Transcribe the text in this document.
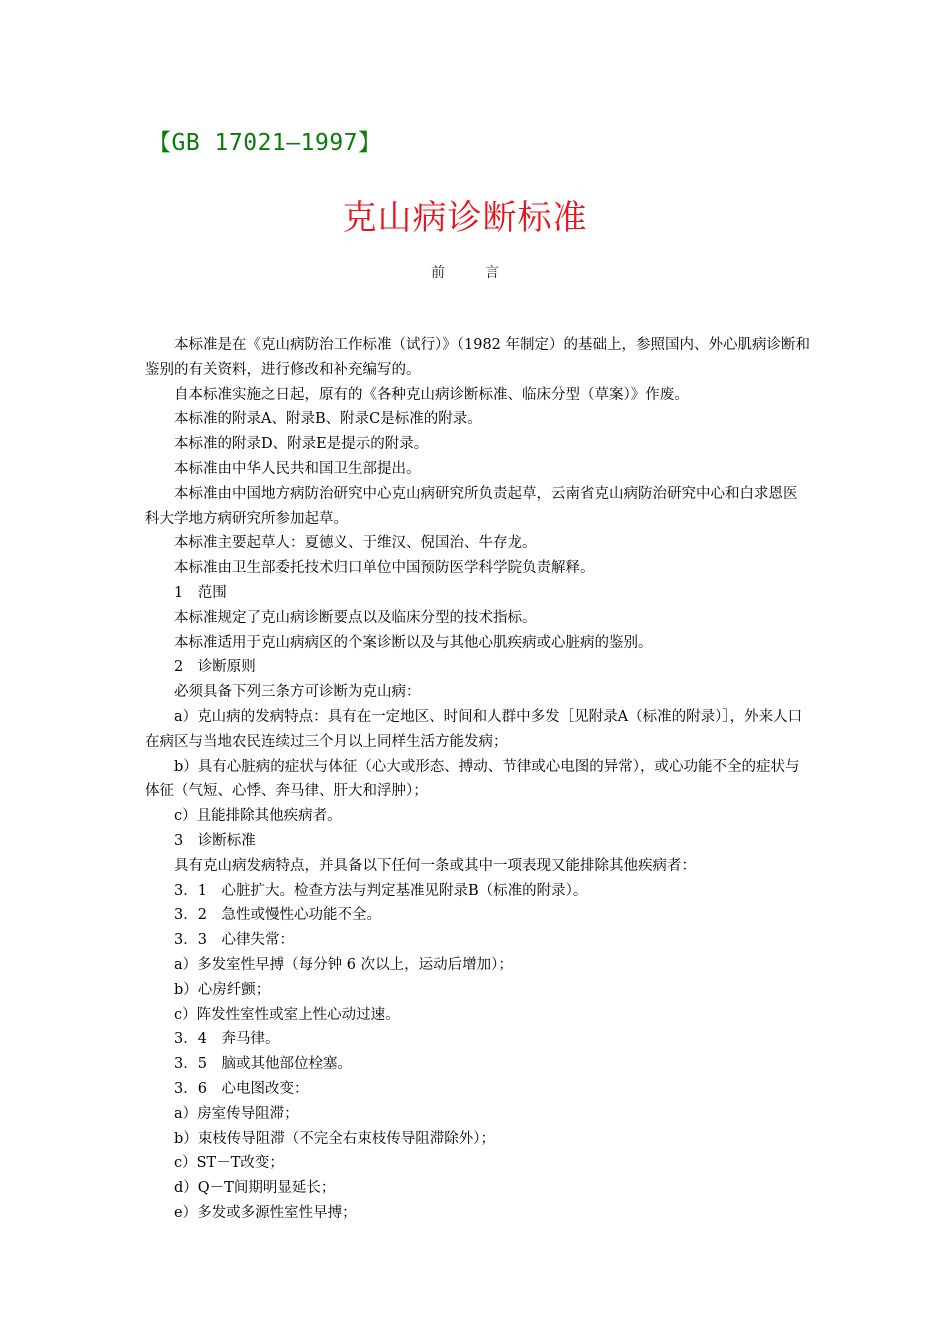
【GB 17021—1997】
克山病诊断标准
前	言

本标准是在《克山病防治工作标准（试行）》（1982 年制定）的基础上，参照国内、外心肌病诊断和鉴别的有关资料，进行修改和补充编写的。

自本标准实施之日起，原有的《各种克山病诊断标准、临床分型（草案）》作废。

本标准的附录A、附录B、附录C是标准的附录。

本标准的附录D、附录E是提示的附录。

本标准由中华人民共和国卫生部提出。

本标准由中国地方病防治研究中心克山病研究所负责起草，云南省克山病防治研究中心和白求恩医科大学地方病研究所参加起草。

本标准主要起草人：夏德义、于维汉、倪国治、牛存龙。

本标准由卫生部委托技术归口单位中国预防医学科学院负责解释。

1　范围

本标准规定了克山病诊断要点以及临床分型的技术指标。

本标准适用于克山病病区的个案诊断以及与其他心肌疾病或心脏病的鉴别。

2　诊断原则

必须具备下列三条方可诊断为克山病：

a）克山病的发病特点：具有在一定地区、时间和人群中多发［见附录A（标准的附录）］，外来人口在病区与当地农民连续过三个月以上同样生活方能发病；

b）具有心脏病的症状与体征（心大或形态、搏动、节律或心电图的异常），或心功能不全的症状与体征（气短、心悸、奔马律、肝大和浮肿）；

c）且能排除其他疾病者。

3　诊断标准

具有克山病发病特点，并具备以下任何一条或其中一项表现又能排除其他疾病者：

3．1　心脏扩大。检查方法与判定基准见附录B（标准的附录）。

3．2　急性或慢性心功能不全。

3．3　心律失常：

a）多发室性早搏（每分钟 6 次以上，运动后增加）；

b）心房纤颤；

c）阵发性室性或室上性心动过速。

3．4　奔马律。

3．5　脑或其他部位栓塞。

3．6　心电图改变：

a）房室传导阻滞；

b）束枝传导阻滞（不完全右束枝传导阻滞除外）；

c）ST－T改变；

d）Q－T间期明显延长；

e）多发或多源性室性早搏；
